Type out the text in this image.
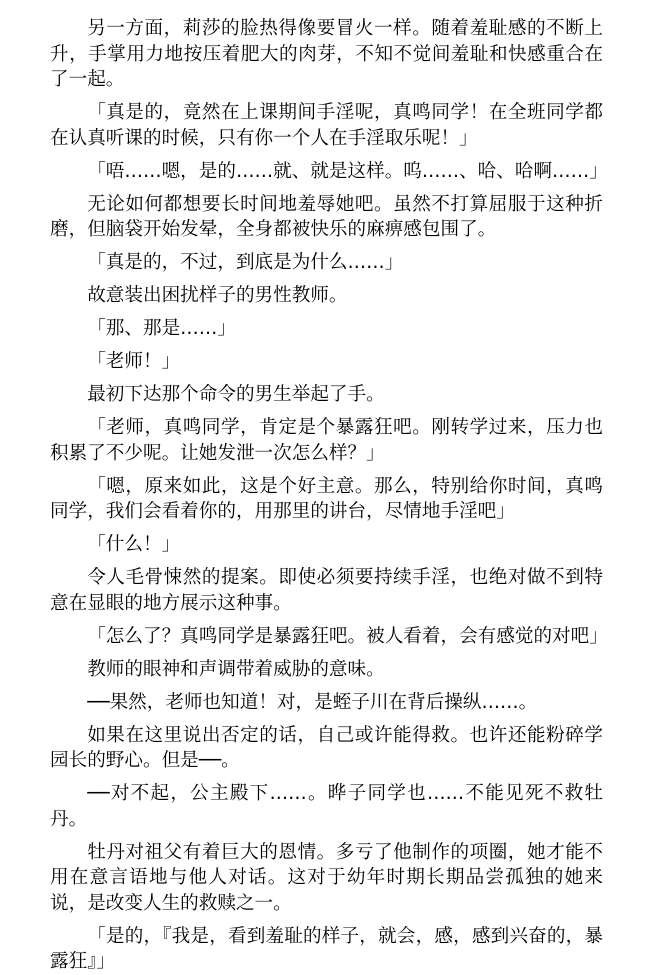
另一方面，莉莎的脸热得像要冒火一样。随着羞耻感的不断上升，手掌用力地按压着肥大的肉芽，不知不觉间羞耻和快感重合在了一起。

「真是的，竟然在上课期间手淫呢，真鸣同学！在全班同学都在认真听课的时候，只有你一个人在手淫取乐呢！」

「唔……嗯，是的……就、就是这样。呜……、哈、哈啊……」

无论如何都想要长时间地羞辱她吧。虽然不打算屈服于这种折磨，但脑袋开始发晕，全身都被快乐的麻痹感包围了。

「真是的，不过，到底是为什么……」

故意装出困扰样子的男性教师。

「那、那是……」

「老师！」

最初下达那个命令的男生举起了手。

「老师，真鸣同学，肯定是个暴露狂吧。刚转学过来，压力也积累了不少呢。让她发泄一次怎么样？」

「嗯，原来如此，这是个好主意。那么，特别给你时间，真鸣同学，我们会看着你的，用那里的讲台，尽情地手淫吧」

「什么！」

令人毛骨悚然的提案。即使必须要持续手淫，也绝对做不到特意在显眼的地方展示这种事。

「怎么了？真鸣同学是暴露狂吧。被人看着，会有感觉的对吧」

教师的眼神和声调带着威胁的意味。

──果然，老师也知道！对，是蛭子川在背后操纵……。

如果在这里说出否定的话，自己或许能得救。也许还能粉碎学园长的野心。但是──。

──对不起，公主殿下……。晔子同学也……不能见死不救牡丹。

牡丹对祖父有着巨大的恩情。多亏了他制作的项圈，她才能不用在意言语地与他人对话。这对于幼年时期长期品尝孤独的她来说，是改变人生的救赎之一。

「是的，『我是，看到羞耻的样子，就会，感，感到兴奋的，暴露狂』」
